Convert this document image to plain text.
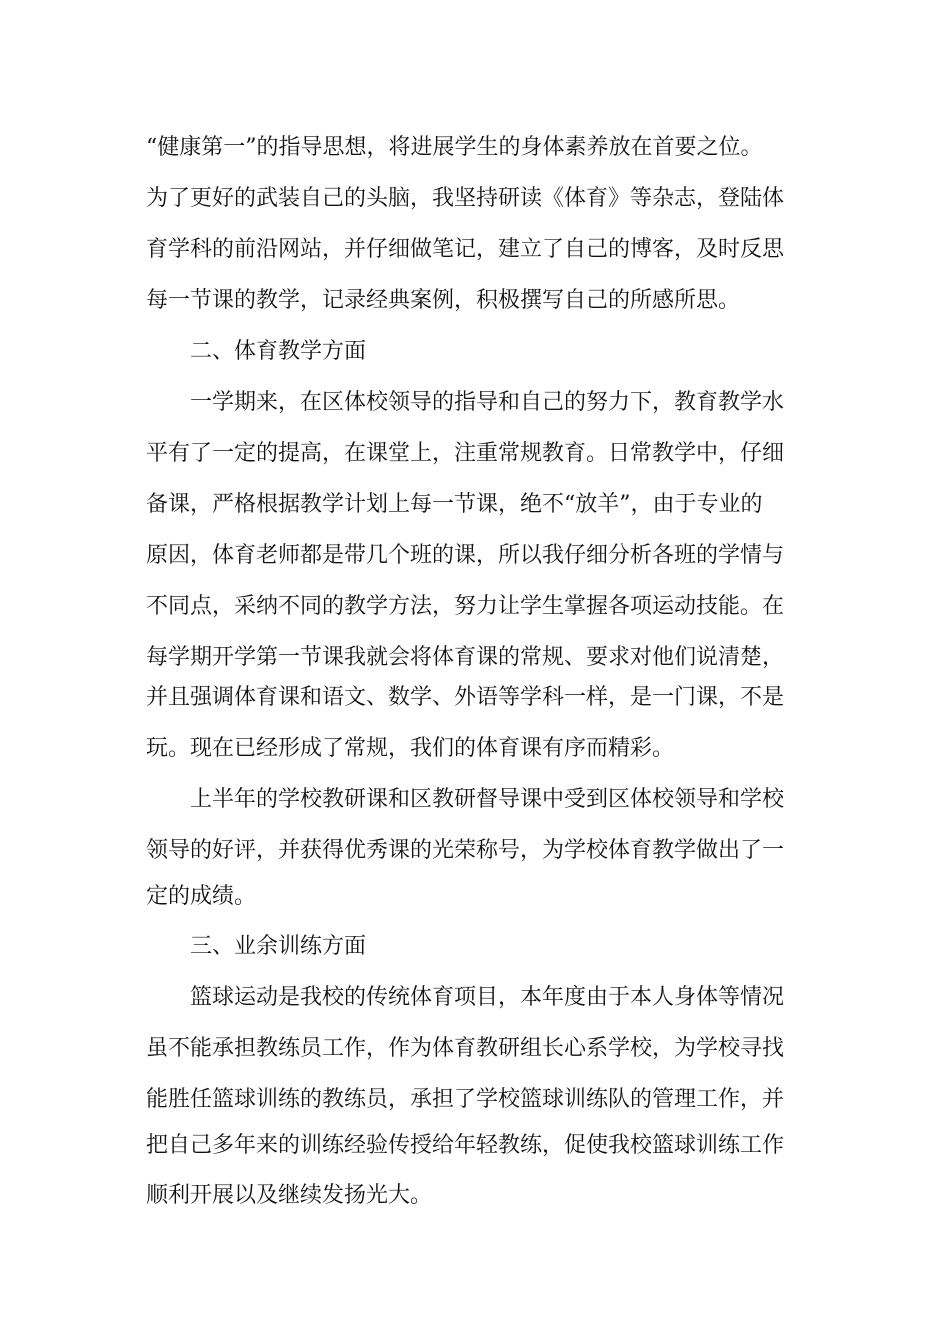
“健康第一”的指导思想，将进展学生的身体素养放在首要之位。
为了更好的武装自己的头脑，我坚持研读《体育》等杂志，登陆体
育学科的前沿网站，并仔细做笔记，建立了自己的博客，及时反思
每一节课的教学，记录经典案例，积极撰写自己的所感所思。
二、体育教学方面
一学期来，在区体校领导的指导和自己的努力下，教育教学水
平有了一定的提高，在课堂上，注重常规教育。日常教学中，仔细
备课，严格根据教学计划上每一节课，绝不“放羊”，由于专业的
原因，体育老师都是带几个班的课，所以我仔细分析各班的学情与
不同点，采纳不同的教学方法，努力让学生掌握各项运动技能。在
每学期开学第一节课我就会将体育课的常规、要求对他们说清楚，
并且强调体育课和语文、数学、外语等学科一样，是一门课，不是
玩。现在已经形成了常规，我们的体育课有序而精彩。
上半年的学校教研课和区教研督导课中受到区体校领导和学校
领导的好评，并获得优秀课的光荣称号，为学校体育教学做出了一
定的成绩。
三、业余训练方面
篮球运动是我校的传统体育项目，本年度由于本人身体等情况
虽不能承担教练员工作，作为体育教研组长心系学校，为学校寻找
能胜任篮球训练的教练员，承担了学校篮球训练队的管理工作，并
把自己多年来的训练经验传授给年轻教练，促使我校篮球训练工作
顺利开展以及继续发扬光大。
